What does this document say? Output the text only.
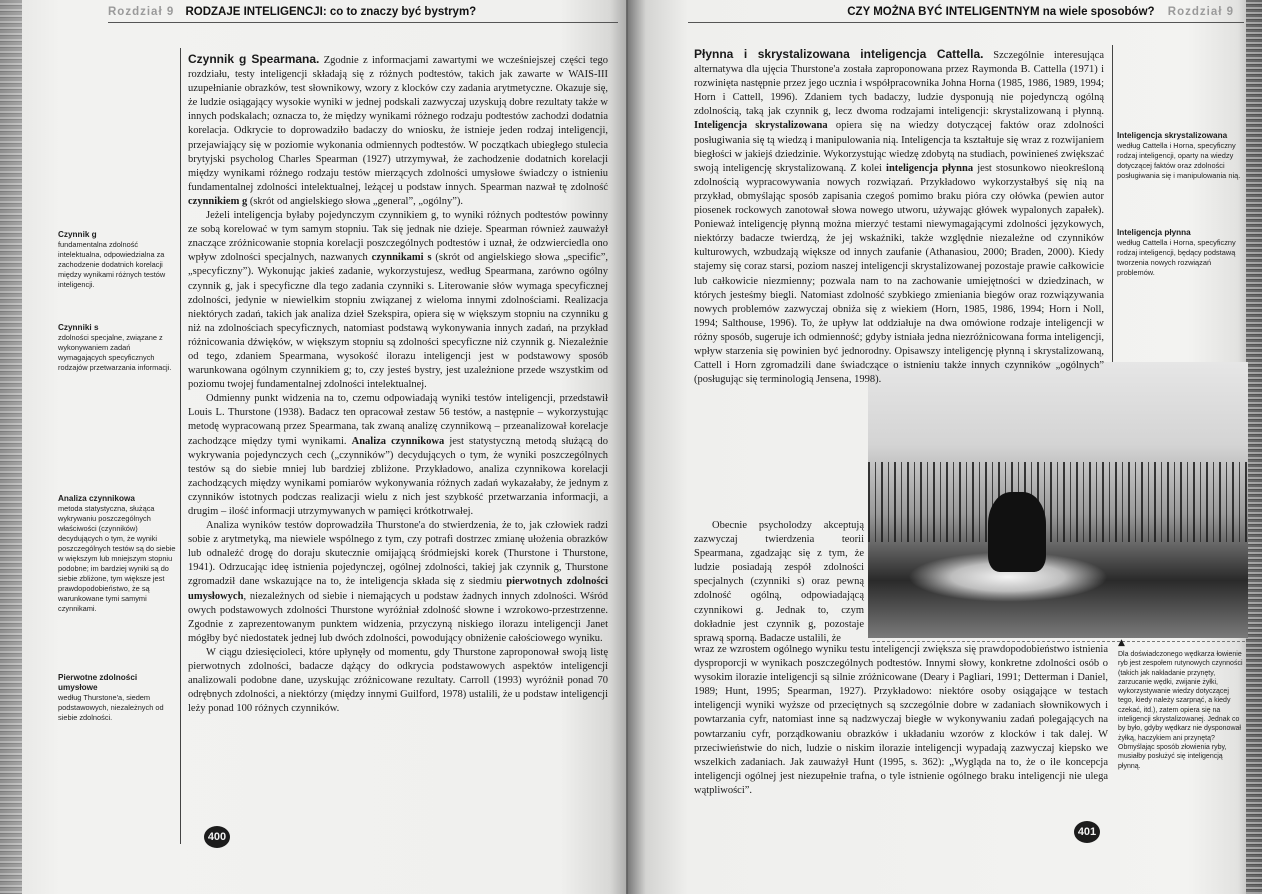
Rozdział 9 RODZAJE INTELIGENCJI: co to znaczy być bystrym?
Czynnik g
fundamentalna zdolność intelektualna, odpowiedzialna za zachodzenie dodatnich korelacji między wynikami różnych testów inteligencji.
Czynniki s
zdolności specjalne, związane z wykonywaniem zadań wymagających specyficznych rodzajów przetwarzania informacji.
Analiza czynnikowa
metoda statystyczna, służąca wykrywaniu poszczególnych właściwości (czynników) decydujących o tym, że wyniki poszczególnych testów są do siebie w większym lub mniejszym stopniu podobne; im bardziej wyniki są do siebie zbliżone, tym większe jest prawdopodobieństwo, że są warunkowane tymi samymi czynnikami.
Pierwotne zdolności umysłowe
według Thurstone'a, siedem podstawowych, niezależnych od siebie zdolności.

Czynnik g Spearmana. Zgodnie z informacjami zawartymi we wcześniejszej części tego rozdziału, testy inteligencji składają się z różnych podtestów, takich jak zawarte w WAIS-III uzupełnianie obrazków, test słownikowy, wzory z klocków czy zadania arytmetyczne. Okazuje się, że ludzie osiągający wysokie wyniki w jednej podskali zazwyczaj uzyskują dobre rezultaty także w innych podskalach; oznacza to, że między wynikami różnego rodzaju podtestów zachodzi dodatnia korelacja. Odkrycie to doprowadziło badaczy do wniosku, że istnieje jeden rodzaj inteligencji, przejawiający się w poziomie wykonania odmiennych podtestów. W początkach ubiegłego stulecia brytyjski psycholog Charles Spearman (1927) utrzymywał, że zachodzenie dodatnich korelacji między wynikami różnego rodzaju testów mierzących zdolności umysłowe świadczy o istnieniu fundamentalnej zdolności intelektualnej, leżącej u podstaw innych. Spearman nazwał tę zdolność czynnikiem g (skrót od angielskiego słowa „general”, „ogólny”).

Jeżeli inteligencja byłaby pojedynczym czynnikiem g, to wyniki różnych podtestów powinny ze sobą korelować w tym samym stopniu. Tak się jednak nie dzieje. Spearman również zauważył znaczące zróżnicowanie stopnia korelacji poszczególnych podtestów i uznał, że odzwierciedla ono wpływ zdolności specjalnych, nazwanych czynnikami s (skrót od angielskiego słowa „specific”, „specyficzny”). Wykonując jakieś zadanie, wykorzystujesz, według Spearmana, zarówno ogólny czynnik g, jak i specyficzne dla tego zadania czynniki s. Literowanie słów wymaga specyficznej zdolności, jedynie w niewielkim stopniu związanej z wieloma innymi zdolnościami. Realizacja niektórych zadań, takich jak analiza dzieł Szekspira, opiera się w większym stopniu na czynniku g niż na zdolnościach specyficznych, natomiast podstawą wykonywania innych zadań, na przykład różnicowania dźwięków, w większym stopniu są zdolności specyficzne niż czynnik g. Niezależnie od tego, zdaniem Spearmana, wysokość ilorazu inteligencji jest w podstawowy sposób warunkowana ogólnym czynnikiem g; to, czy jesteś bystry, jest uzależnione przede wszystkim od poziomu twojej fundamentalnej zdolności intelektualnej.

Odmienny punkt widzenia na to, czemu odpowiadają wyniki testów inteligencji, przedstawił Louis L. Thurstone (1938). Badacz ten opracował zestaw 56 testów, a następnie – wykorzystując metodę wypracowaną przez Spearmana, tak zwaną analizę czynnikową – przeanalizował korelacje zachodzące między tymi wynikami. Analiza czynnikowa jest statystyczną metodą służącą do wykrywania pojedynczych cech („czynników”) decydujących o tym, że wyniki poszczególnych testów są do siebie mniej lub bardziej zbliżone. Przykładowo, analiza czynnikowa korelacji zachodzących między wynikami pomiarów wykonywania różnych zadań wykazałaby, że jednym z czynników istotnych podczas realizacji wielu z nich jest szybkość przetwarzania informacji, a drugim – ilość informacji utrzymywanych w pamięci krótkotrwałej.

Analiza wyników testów doprowadziła Thurstone'a do stwierdzenia, że to, jak człowiek radzi sobie z arytmetyką, ma niewiele wspólnego z tym, czy potrafi dostrzec zmianę ułożenia obrazków lub odnaleźć drogę do doraju skutecznie omijającą śródmiejski korek (Thurstone i Thurstone, 1941). Odrzucając ideę istnienia pojedynczej, ogólnej zdolności, takiej jak czynnik g, Thurstone zgromadził dane wskazujące na to, że inteligencja składa się z siedmiu pierwotnych zdolności umysłowych, niezależnych od siebie i niemających u podstaw żadnych innych zdolności. Wśród owych podstawowych zdolności Thurstone wyróżniał zdolność słowne i wzrokowo-przestrzenne. Zgodnie z zaprezentowanym punktem widzenia, przyczyną niskiego ilorazu inteligencji Janet mógłby być niedostatek jednej lub dwóch zdolności, powodujący obniżenie całościowego wyniku.

W ciągu dziesięcioleci, które upłynęły od momentu, gdy Thurstone zaproponował swoją listę pierwotnych zdolności, badacze dążący do odkrycia podstawowych aspektów inteligencji analizowali podobne dane, uzyskując zróżnicowane rezultaty. Carroll (1993) wyróżnił ponad 70 odrębnych zdolności, a niektórzy (między innymi Guilford, 1978) ustalili, że u podstaw inteligencji leży ponad 100 różnych czynników.

400
CZY MOŻNA BYĆ INTELIGENTNYM na wiele sposobów? Rozdział 9
Inteligencja skrystalizowana
według Cattella i Horna, specyficzny rodzaj inteligencji, oparty na wiedzy dotyczącej faktów oraz zdolności posługiwania się i manipulowania nią.
Inteligencja płynna
według Cattella i Horna, specyficzny rodzaj inteligencji, będący podstawą tworzenia nowych rozwiązań problemów.

Płynna i skrystalizowana inteligencja Cattella. Szczególnie interesująca alternatywa dla ujęcia Thurstone'a została zaproponowana przez Raymonda B. Cattella (1971) i rozwinięta następnie przez jego ucznia i współpracownika Johna Horna (1985, 1986, 1989, 1994; Horn i Cattell, 1996). Zdaniem tych badaczy, ludzie dysponują nie pojedynczą ogólną zdolnością, taką jak czynnik g, lecz dwoma rodzajami inteligencji: skrystalizowaną i płynną. Inteligencja skrystalizowana opiera się na wiedzy dotyczącej faktów oraz zdolności posługiwania się tą wiedzą i manipulowania nią. Inteligencja ta kształtuje się wraz z rozwijaniem biegłości w jakiejś dziedzinie. Wykorzystując wiedzę zdobytą na studiach, powinieneś zwiększać swoją inteligencję skrystalizowaną. Z kolei inteligencja płynna jest stosunkowo nieokreśloną zdolnością wypracowywania nowych rozwiązań. Przykładowo wykorzystałbyś się nią na przykład, obmyślając sposób zapisania czegoś pomimo braku pióra czy ołówka (pewien autor piosenek rockowych zanotował słowa nowego utworu, używając główek wypalonych zapałek). Ponieważ inteligencję płynną można mierzyć testami niewymagającymi zdolności językowych, niektórzy badacze twierdzą, że jej wskaźniki, także względnie niezależne od czynników kulturowych, wzbudzają większe od innych zaufanie (Athanasiou, 2000; Braden, 2000). Kiedy stajemy się coraz starsi, poziom naszej inteligencji skrystalizowanej pozostaje prawie całkowicie lub całkowicie niezmienny; pozwala nam to na zachowanie umiejętności w dziedzinach, w których jesteśmy biegli. Natomiast zdolność szybkiego zmieniania biegów oraz rozwiązywania nowych problemów zazwyczaj obniża się z wiekiem (Horn, 1985, 1986, 1994; Horn i Noll, 1994; Salthouse, 1996). To, że upływ lat oddziałuje na dwa omówione rodzaje inteligencji w różny sposób, sugeruje ich odmienność; gdyby istniała jedna niezróżnicowana forma inteligencji, wpływ starzenia się powinien być jednorodny. Opisawszy inteligencję płynną i skrystalizowaną, Cattell i Horn zgromadzili dane świadczące o istnieniu także innych czynników „ogólnych” (posługując się terminologią Jensena, 1998).

Obecnie psycholodzy akceptują zazwyczaj twierdzenia teorii Spearmana, zgadzając się z tym, że ludzie posiadają zespół zdolności specjalnych (czynniki s) oraz pewną zdolność ogólną, odpowiadającą czynnikowi g. Jednak to, czym dokładnie jest czynnik g, pozostaje sprawą sporną. Badacze ustalili, że	▲
Dla doświadczonego wędkarza łowienie ryb jest zespołem rutynowych czynności (takich jak nakładanie przynęty, zarzucanie wędki, zwijanie żyłki, wykorzystywanie wiedzy dotyczącej tego, kiedy należy szarpnąć, a kiedy czekać, itd.), zatem opiera się na inteligencji skrystalizowanej. Jednak co by było, gdyby wędkarz nie dysponował żyłką, haczykiem ani przynętą? Obmyślając sposób złowienia ryby, musiałby posłużyć się inteligencją płynną.
401

wraz ze wzrostem ogólnego wyniku testu inteligencji zwiększa się prawdopodobieństwo istnienia dysproporcji w wynikach poszczególnych podtestów. Innymi słowy, konkretne zdolności osób o wysokim ilorazie inteligencji są silnie zróżnicowane (Deary i Pagliari, 1991; Detterman i Daniel, 1989; Hunt, 1995; Spearman, 1927). Przykładowo: niektóre osoby osiągające w testach inteligencji wyniki wyższe od przeciętnych są szczególnie dobre w zadaniach słownikowych i powtarzania cyfr, natomiast inne są nadzwyczaj biegłe w wykonywaniu zadań polegających na powtarzaniu cyfr, porządkowaniu obrazków i układaniu wzorów z klocków i tak dalej. W przeciwieństwie do nich, ludzie o niskim ilorazie inteligencji wypadają zazwyczaj kiepsko we wszelkich zadaniach. Jak zauważył Hunt (1995, s. 362): „Wygląda na to, że o ile koncepcja inteligencji ogólnej jest niezupełnie trafna, o tyle istnienie ogólnego braku inteligencji nie ulega wątpliwości”.
